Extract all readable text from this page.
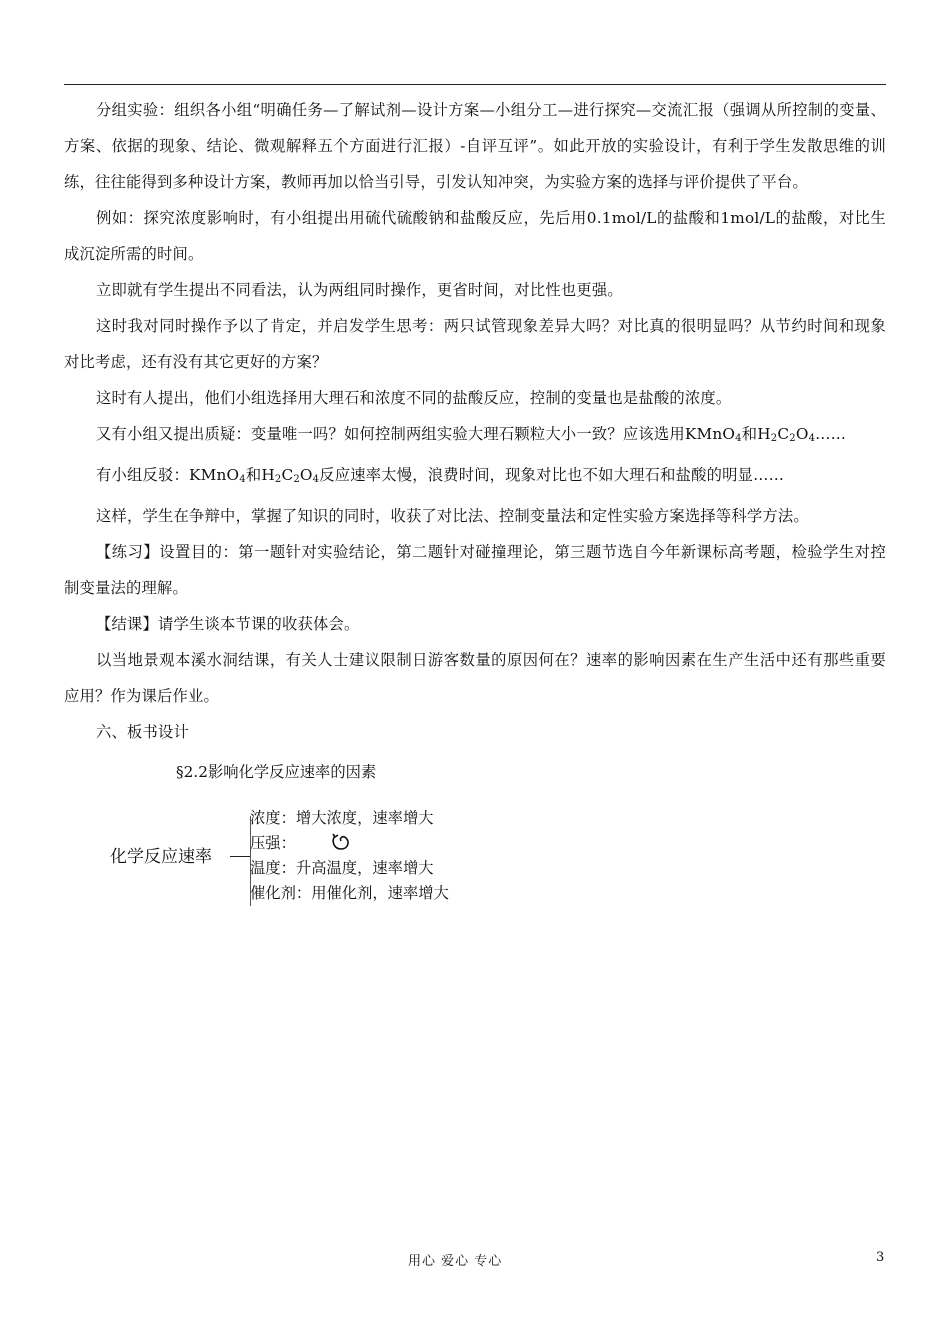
分组实验：组织各小组“明确任务—了解试剂—设计方案—小组分工—进行探究—交流汇报（强调从所控制的变量、方案、依据的现象、结论、微观解释五个方面进行汇报）-自评互评”。如此开放的实验设计，有利于学生发散思维的训练，往往能得到多种设计方案，教师再加以恰当引导，引发认知冲突，为实验方案的选择与评价提供了平台。

例如：探究浓度影响时，有小组提出用硫代硫酸钠和盐酸反应，先后用0.1mol/L的盐酸和1mol/L的盐酸，对比生成沉淀所需的时间。

立即就有学生提出不同看法，认为两组同时操作，更省时间，对比性也更强。

这时我对同时操作予以了肯定，并启发学生思考：两只试管现象差异大吗？对比真的很明显吗？从节约时间和现象对比考虑，还有没有其它更好的方案？

这时有人提出，他们小组选择用大理石和浓度不同的盐酸反应，控制的变量也是盐酸的浓度。

又有小组又提出质疑：变量唯一吗？如何控制两组实验大理石颗粒大小一致？应该选用KMnO$_4$和$H_2C_2O_4\dots\dots$

有小组反驳：KMnO$_4$和$H_2C_2O_4$反应速率太慢，浪费时间，现象对比也不如大理石和盐酸的明显……

这样，学生在争辩中，掌握了知识的同时，收获了对比法、控制变量法和定性实验方案选择等科学方法。

【练习】设置目的：第一题针对实验结论，第二题针对碰撞理论，第三题节选自今年新课标高考题，检验学生对控制变量法的理解。

【结课】请学生谈本节课的收获体会。

以当地景观本溪水洞结课，有关人士建议限制日游客数量的原因何在？速率的影响因素在生产生活中还有那些重要应用？作为课后作业。

六、板书设计

§2.2影响化学反应速率的因素
化学反应速率
浓度：增大浓度，速率增大
压强：
温度：升高温度，速率增大
催化剂：用催化剂，速率增大
用心 爱心 专心	3
